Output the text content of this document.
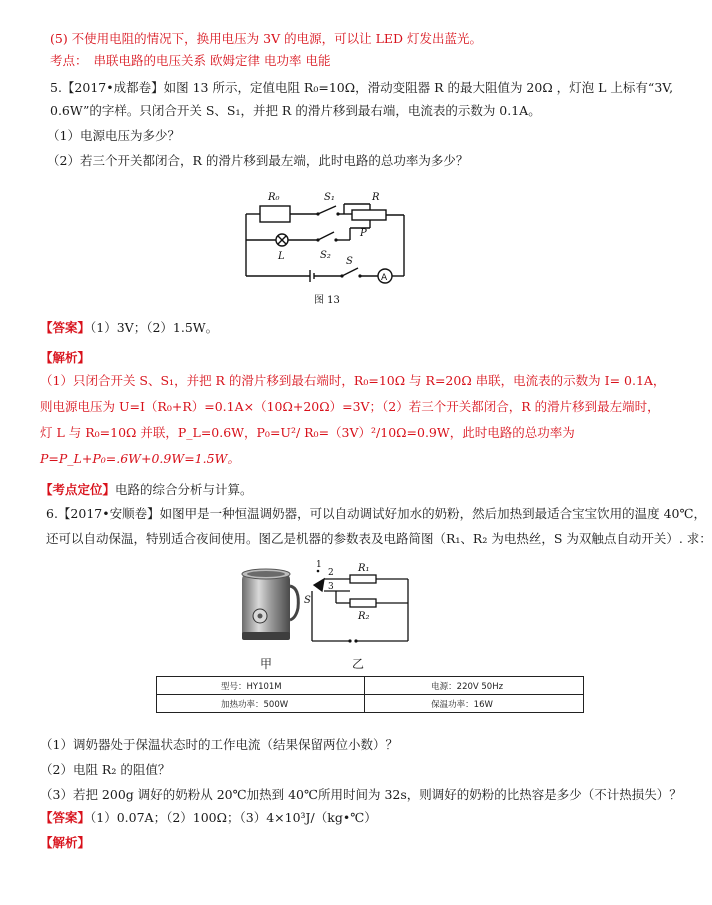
(5) 不使用电阻的情况下，换用电压为 3V 的电源，可以让 LED 灯发出蓝光。
考点： 串联电路的电压关系 欧姆定律 电功率 电能
5.【2017•成都卷】如图 13 所示，定值电阻 R₀=10Ω，滑动变阻器 R 的最大阻值为 20Ω ，灯泡 L 上标有“3V,
0.6W”的字样。只闭合开关 S、S₁，并把 R 的滑片移到最右端，电流表的示数为 0.1A。
（1）电源电压为多少？
（2）若三个开关都闭合，R 的滑片移到最左端，此时电路的总功率为多少？
R₀	S₁	R
P
L	S₂
S
A
图 13
【答案】（1）3V；（2）1.5W。
【解析】
（1）只闭合开关 S、S₁，并把 R 的滑片移到最右端时，R₀=10Ω 与 R=20Ω 串联，电流表的示数为 I= 0.1A，
则电源电压为 U=I（R₀+R）=0.1A×（10Ω+20Ω）=3V；（2）若三个开关都闭合，R 的滑片移到最左端时，
灯 L 与 R₀=10Ω 并联，P_L=0.6W，P₀=U²/ R₀=（3V）²/10Ω=0.9W，此时电路的总功率为
P=P_L+P₀=.6W+0.9W=1.5W。
【考点定位】电路的综合分析与计算。
6.【2017•安顺卷】如图甲是一种恒温调奶器，可以自动调试好加水的奶粉，然后加热到最适合宝宝饮用的温度 40℃，
还可以自动保温，特别适合夜间使用。图乙是机器的参数表及电路简图（R₁、R₂ 为电热丝，S 为双触点自动开关）. 求：
1
2
3
S
R₁
R₂
甲	乙
型号：HY101M	电源：220V 50Hz
加热功率：500W	保温功率：16W
（1）调奶器处于保温状态时的工作电流（结果保留两位小数）？
（2）电阻 R₂ 的阻值？
（3）若把 200g 调好的奶粉从 20℃加热到 40℃所用时间为 32s，则调好的奶粉的比热容是多少（不计热损失）？
【答案】（1）0.07A；（2）100Ω；（3）4×10³J/（kg•℃）
【解析】
